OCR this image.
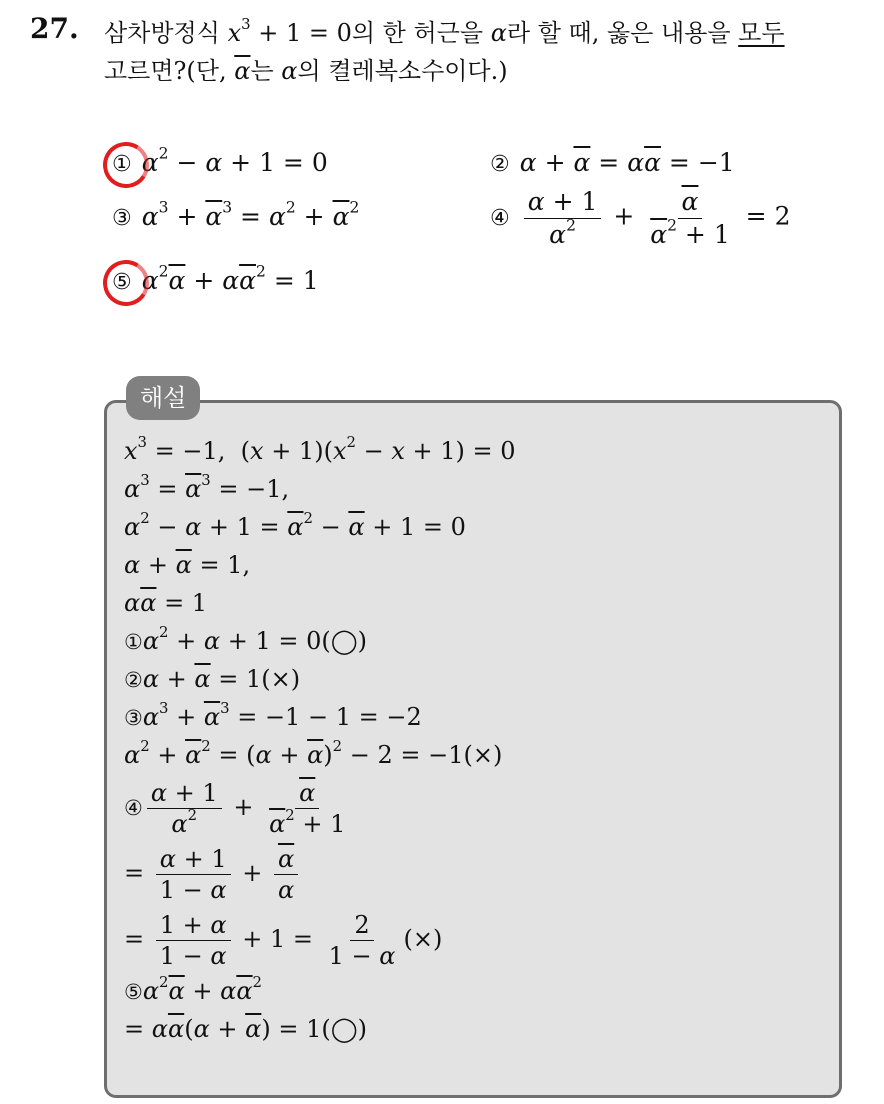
27. 삼차방정식 $x^3 + 1 = 0$의 한 허근을 α라 할 때, 옳은 내용을 모두
고르면?(단, $\overline{\alpha}$는 α의 켤레복소수이다.)
① $\alpha^2 - \alpha + 1 = 0$	② $\alpha + \overline{\alpha} = \alpha\overline{\alpha} = -1$
③ $\alpha^3 + \overline{\alpha}^3 = \alpha^2 + \overline{\alpha}^2$	④ $\frac{\alpha + 1}{\alpha^2} + \frac{\overline{\alpha}}{\overline{\alpha}^2 + 1} = 2$
⑤ $\alpha^2\overline{\alpha} + \alpha\overline{\alpha}^2 = 1$
해설
$x^3 = -1$,  $(x + 1)(x^2 - x + 1) = 0$
$\alpha^3 = \overline{\alpha}^3 = -1$,
$\alpha^2 - \alpha + 1 = \overline{\alpha}^2 - \overline{\alpha} + 1 = 0$
$\alpha + \overline{\alpha} = 1$,
$\alpha\overline{\alpha} = 1$
$①\alpha^2 + \alpha + 1$ = 0(◯)
②α + $\overline{\alpha} = 1(\times)$
$③\alpha^3 + \overline{\alpha}^3 = -1 - 1 = -2$
$\alpha^2 + \overline{\alpha}^2 = (\alpha + \overline{\alpha})^2 - 2 = -1(\times)$
④ $\frac{\alpha + 1}{\alpha^2} + \frac{\overline{\alpha}}{\overline{\alpha}^2 + 1}$
= $\frac{\alpha + 1}{1 - \alpha} + \frac{\overline{\alpha}}{\alpha}$
= $\frac{1 + \alpha}{1 - \alpha} + 1 = \frac{2}{1 - \alpha}$ (×)
$⑤\alpha^2\overline{\alpha} + \alpha\overline{\alpha}^2$
= $\alpha\overline{\alpha}(\alpha + \overline{\alpha})$ = 1(◯)
